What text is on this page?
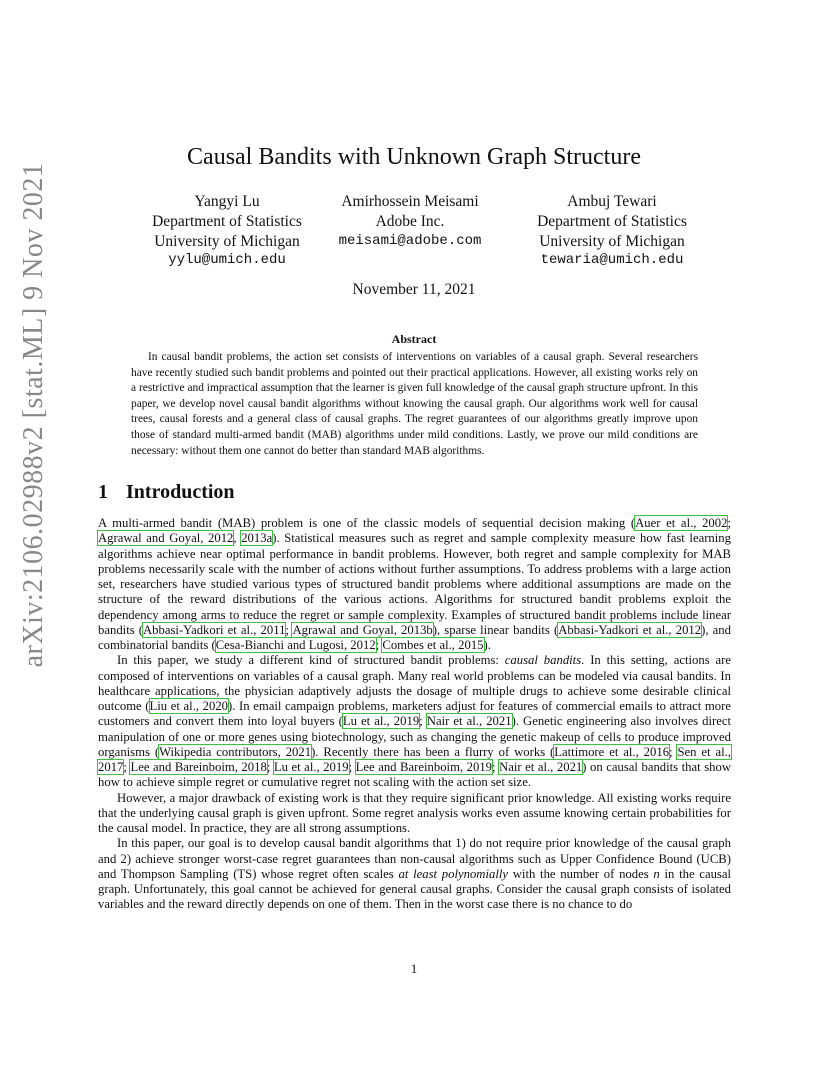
arXiv:2106.02988v2 [stat.ML] 9 Nov 2021
Causal Bandits with Unknown Graph Structure
Yangyi Lu
Department of Statistics
University of Michigan
yylu@umich.edu
Amirhossein Meisami
Adobe Inc.
meisami@adobe.com
Ambuj Tewari
Department of Statistics
University of Michigan
tewaria@umich.edu
November 11, 2021
Abstract

In causal bandit problems, the action set consists of interventions on variables of a causal graph. Several researchers have recently studied such bandit problems and pointed out their practical applications. However, all existing works rely on a restrictive and impractical assumption that the learner is given full knowledge of the causal graph structure upfront. In this paper, we develop novel causal bandit algorithms without knowing the causal graph. Our algorithms work well for causal trees, causal forests and a general class of causal graphs. The regret guarantees of our algorithms greatly improve upon those of standard multi-armed bandit (MAB) algorithms under mild conditions. Lastly, we prove our mild conditions are necessary: without them one cannot do better than standard MAB algorithms.

1 Introduction

A multi-armed bandit (MAB) problem is one of the classic models of sequential decision making (Auer et al., 2002; Agrawal and Goyal, 2012, 2013a). Statistical measures such as regret and sample complexity measure how fast learning algorithms achieve near optimal performance in bandit problems. However, both regret and sample complexity for MAB problems necessarily scale with the number of actions without further assumptions. To address problems with a large action set, researchers have studied various types of structured bandit problems where additional assumptions are made on the structure of the reward distributions of the various actions. Algorithms for structured bandit problems exploit the dependency among arms to reduce the regret or sample complexity. Examples of structured bandit problems include linear bandits (Abbasi-Yadkori et al., 2011; Agrawal and Goyal, 2013b), sparse linear bandits (Abbasi-Yadkori et al., 2012), and combinatorial bandits (Cesa-Bianchi and Lugosi, 2012; Combes et al., 2015).

In this paper, we study a different kind of structured bandit problems: causal bandits. In this setting, actions are composed of interventions on variables of a causal graph. Many real world problems can be modeled via causal bandits. In healthcare applications, the physician adaptively adjusts the dosage of multiple drugs to achieve some desirable clinical outcome (Liu et al., 2020). In email campaign problems, marketers adjust for features of commercial emails to attract more customers and convert them into loyal buyers (Lu et al., 2019; Nair et al., 2021). Genetic engineering also involves direct manipulation of one or more genes using biotechnology, such as changing the genetic makeup of cells to produce improved organisms (Wikipedia contributors, 2021). Recently there has been a flurry of works (Lattimore et al., 2016; Sen et al., 2017; Lee and Bareinboim, 2018; Lu et al., 2019; Lee and Bareinboim, 2019; Nair et al., 2021) on causal bandits that show how to achieve simple regret or cumulative regret not scaling with the action set size.

However, a major drawback of existing work is that they require significant prior knowledge. All existing works require that the underlying causal graph is given upfront. Some regret analysis works even assume knowing certain probabilities for the causal model. In practice, they are all strong assumptions.

In this paper, our goal is to develop causal bandit algorithms that 1) do not require prior knowledge of the causal graph and 2) achieve stronger worst-case regret guarantees than non-causal algorithms such as Upper Confidence Bound (UCB) and Thompson Sampling (TS) whose regret often scales at least polynomially with the number of nodes n in the causal graph. Unfortunately, this goal cannot be achieved for general causal graphs. Consider the causal graph consists of isolated variables and the reward directly depends on one of them. Then in the worst case there is no chance to do

1
